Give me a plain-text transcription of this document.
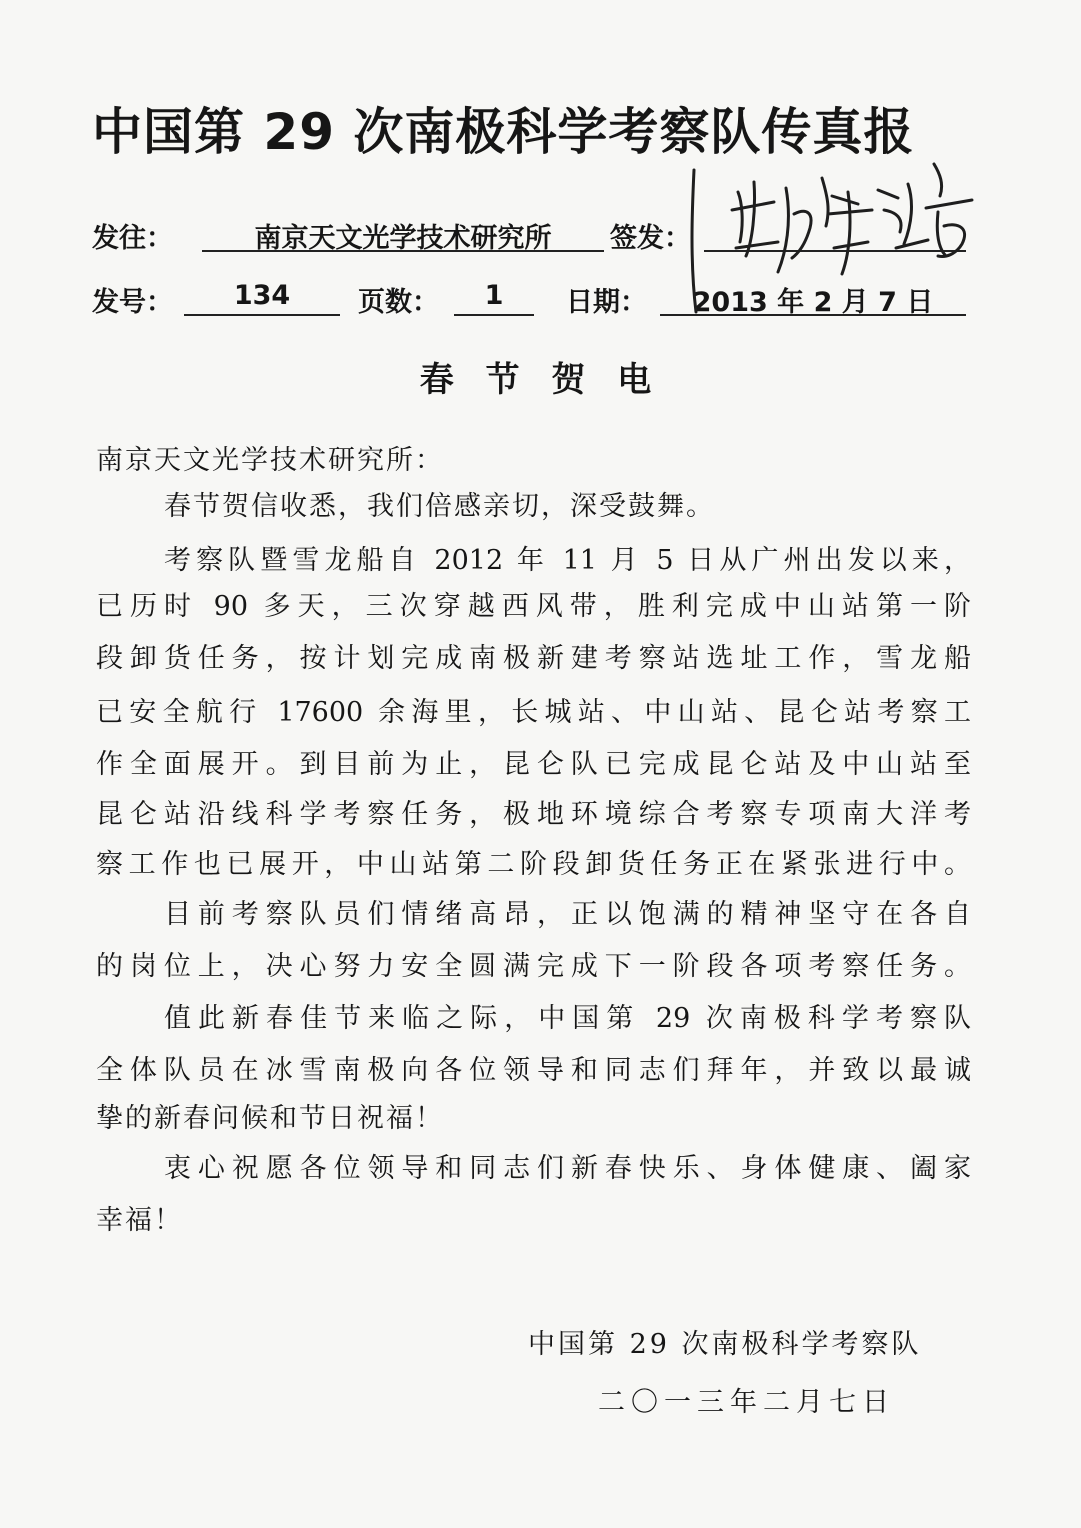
中国第 29 次南极科学考察队传真报
发往：	南京天文光学技术研究所	签发：
发号：	134	页数：	1	日期：	2013 年 2 月 7 日
春 节 贺 电
南京天文光学技术研究所：
春节贺信收悉，我们倍感亲切，深受鼓舞。
考察队暨雪龙船自 2012 年 11 月 5 日从广州出发以来，
已历时 90 多天，三次穿越西风带，胜利完成中山站第一阶
段卸货任务，按计划完成南极新建考察站选址工作，雪龙船
已安全航行 17600 余海里，长城站、中山站、昆仑站考察工
作全面展开。到目前为止，昆仑队已完成昆仑站及中山站至
昆仑站沿线科学考察任务，极地环境综合考察专项南大洋考
察工作也已展开，中山站第二阶段卸货任务正在紧张进行中。
目前考察队员们情绪高昂，正以饱满的精神坚守在各自
的岗位上，决心努力安全圆满完成下一阶段各项考察任务。
值此新春佳节来临之际，中国第 29 次南极科学考察队
全体队员在冰雪南极向各位领导和同志们拜年，并致以最诚
挚的新春问候和节日祝福！
衷心祝愿各位领导和同志们新春快乐、身体健康、阖家
幸福！
中国第 29 次南极科学考察队
二〇一三年二月七日
